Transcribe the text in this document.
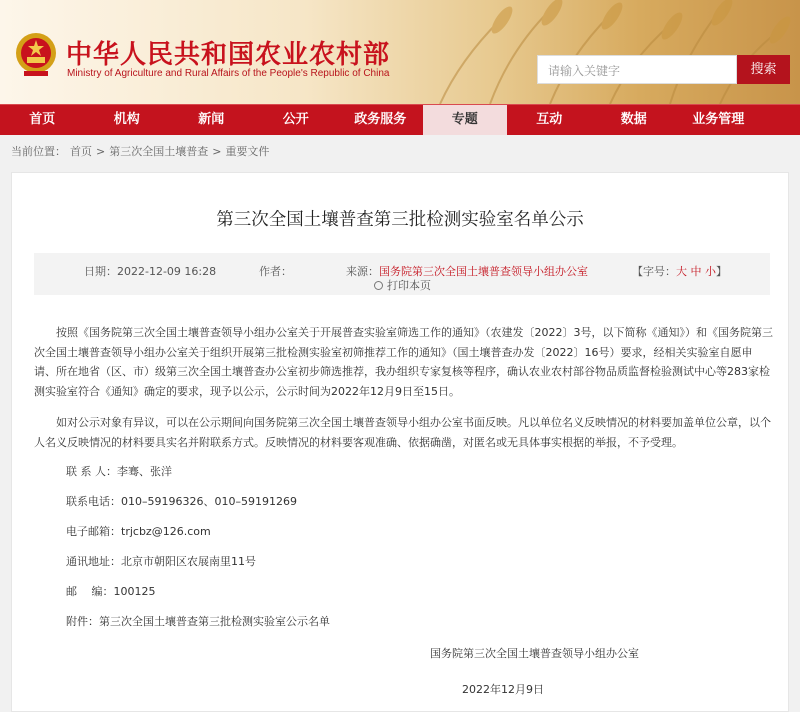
中华人民共和国农业农村部
Ministry of Agriculture and Rural Affairs of the People's Republic of China	请输入关键字	搜索
首页	机构	新闻	公开	政务服务	专题	互动	数据	业务管理
当前位置： 首页 > 第三次全国土壤普查 > 重要文件
第三次全国土壤普查第三批检测实验室名单公示
日期：2022-12-09 16:28	作者：	来源：国务院第三次全国土壤普查领导小组办公室	【字号：大 中 小】
打印本页

按照《国务院第三次全国土壤普查领导小组办公室关于开展普查实验室筛选工作的通知》（农建发〔2022〕3号，以下简称《通知》）和《国务院第三次全国土壤普查领导小组办公室关于组织开展第三批检测实验室初筛推荐工作的通知》（国土壤普查办发〔2022〕16号）要求，经相关实验室自愿申请、所在地省（区、市）级第三次全国土壤普查办公室初步筛选推荐，我办组织专家复核等程序，确认农业农村部谷物品质监督检验测试中心等283家检测实验室符合《通知》确定的要求，现予以公示，公示时间为2022年12月9日至15日。

如对公示对象有异议，可以在公示期间向国务院第三次全国土壤普查领导小组办公室书面反映。凡以单位名义反映情况的材料要加盖单位公章，以个人名义反映情况的材料要具实名并附联系方式。反映情况的材料要客观准确、依据确凿，对匿名或无具体事实根据的举报，不予受理。

联 系 人：李骞、张洋
联系电话：010–59196326、010–59191269
电子邮箱：trjcbz@126.com
通讯地址：北京市朝阳区农展南里11号
邮　 编：100125
附件：第三次全国土壤普查第三批检测实验室公示名单
国务院第三次全国土壤普查领导小组办公室
2022年12月9日
